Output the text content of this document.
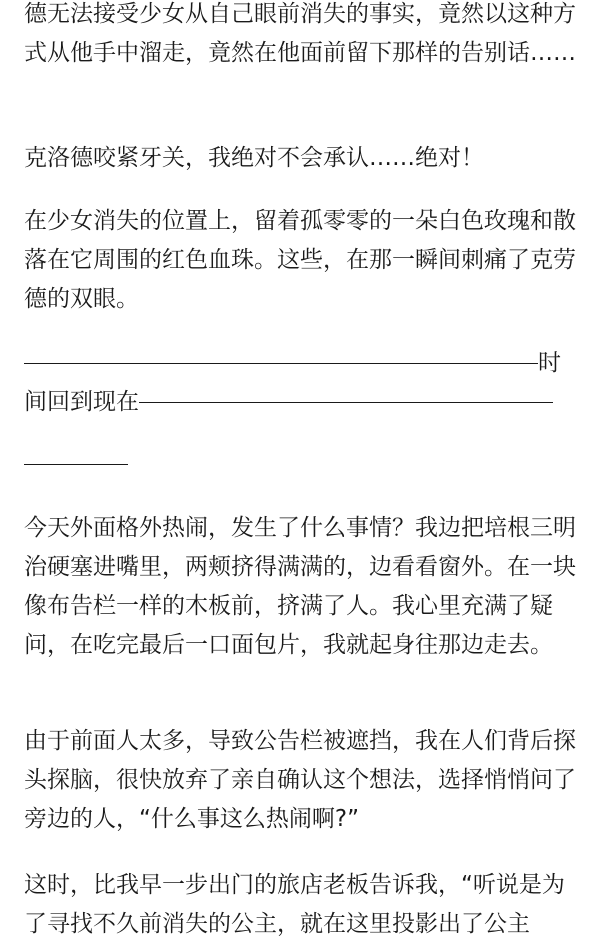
德无法接受少女从自己眼前消失的事实，竟然以这种方式从他手中溜走，竟然在他面前留下那样的告别话……

克洛德咬紧牙关，我绝对不会承认……绝对！

在少女消失的位置上，留着孤零零的一朵白色玫瑰和散落在它周围的红色血珠。这些，在那一瞬间刺痛了克劳德的双眼。

时
间回到现在

今天外面格外热闹，发生了什么事情？我边把培根三明治硬塞进嘴里，两颊挤得满满的，边看看窗外。在一块像布告栏一样的木板前，挤满了人。我心里充满了疑问，在吃完最后一口面包片，我就起身往那边走去。

由于前面人太多，导致公告栏被遮挡，我在人们背后探头探脑，很快放弃了亲自确认这个想法，选择悄悄问了旁边的人，“什么事这么热闹啊?”

这时，比我早一步出门的旅店老板告诉我，“听说是为了寻找不久前消失的公主，就在这里投影出了公主
